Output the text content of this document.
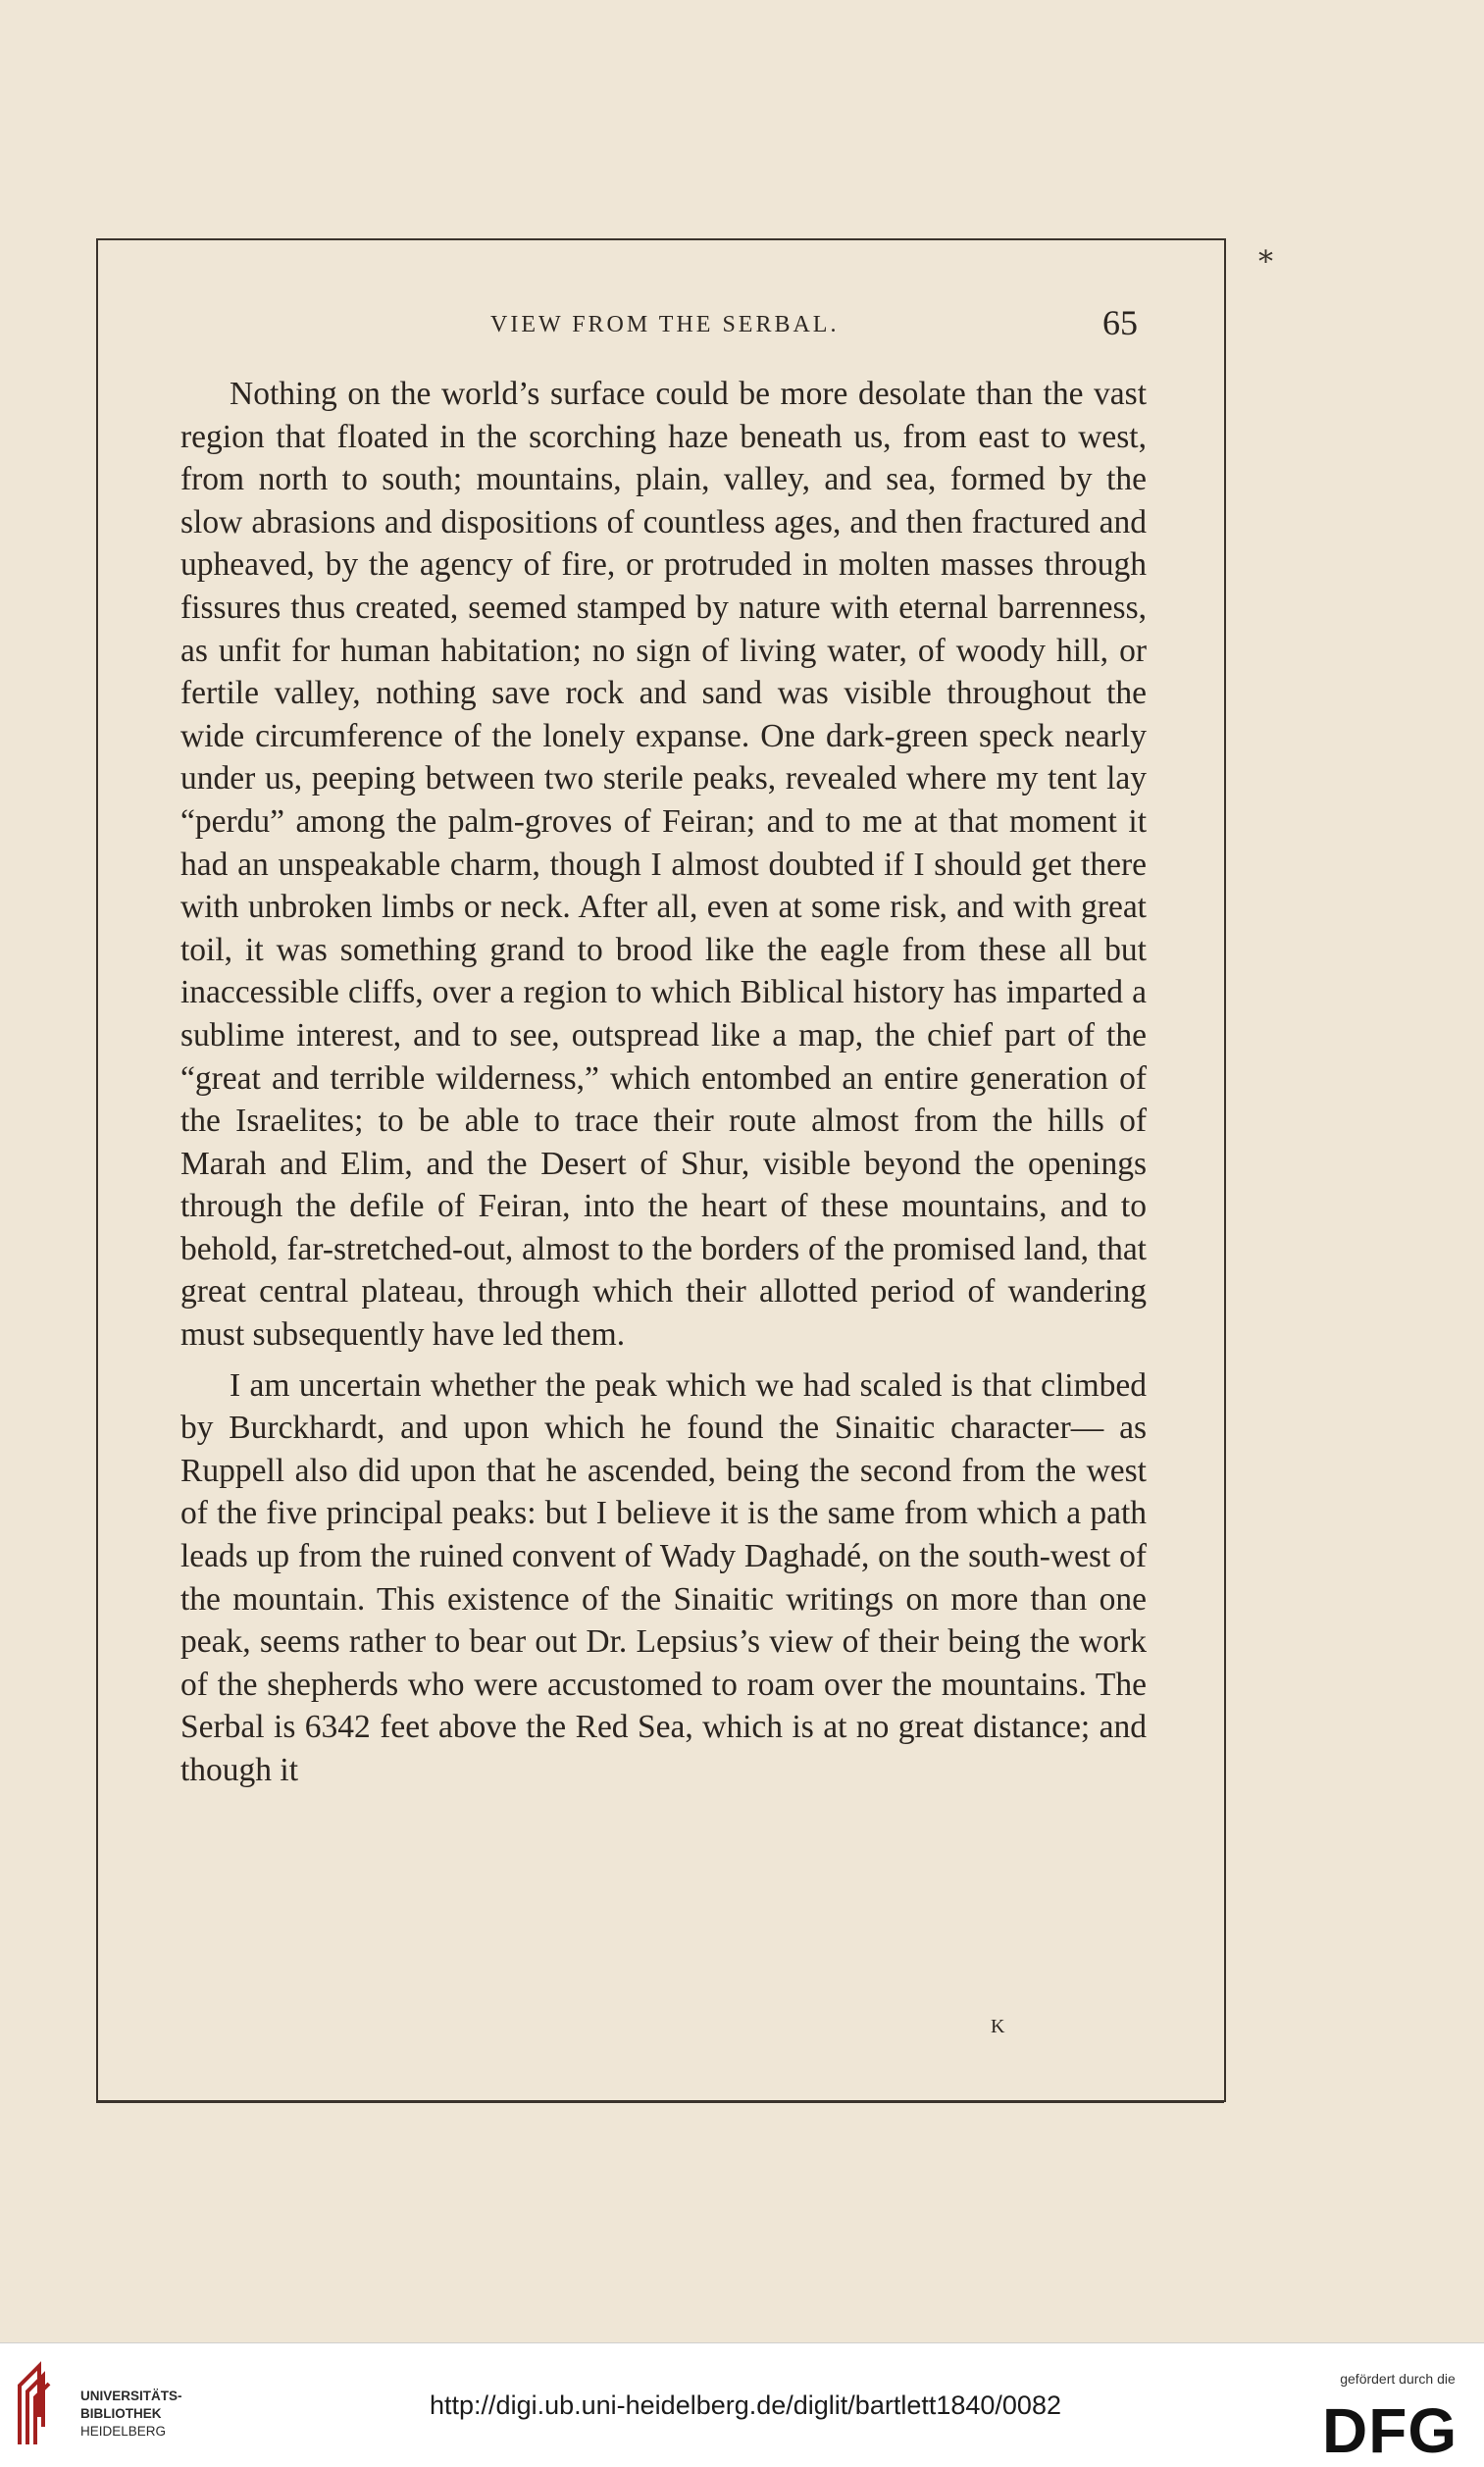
⁎
VIEW FROM THE SERBAL.	65

Nothing on the world’s surface could be more desolate than the vast region that floated in the scorching haze beneath us, from east to west, from north to south; mountains, plain, valley, and sea, formed by the slow abrasions and dispositions of countless ages, and then fractured and upheaved, by the agency of fire, or protruded in molten masses through fissures thus created, seemed stamped by nature with eternal barrenness, as unfit for human habitation; no sign of living water, of woody hill, or fertile valley, nothing save rock and sand was visible throughout the wide circumference of the lonely expanse. One dark-green speck nearly under us, peeping between two sterile peaks, revealed where my tent lay “perdu” among the palm-groves of Feiran; and to me at that moment it had an unspeakable charm, though I almost doubted if I should get there with unbroken limbs or neck. After all, even at some risk, and with great toil, it was something grand to brood like the eagle from these all but inaccessible cliffs, over a region to which Biblical history has imparted a sublime interest, and to see, outspread like a map, the chief part of the “great and terrible wilderness,” which entombed an entire generation of the Israelites; to be able to trace their route almost from the hills of Marah and Elim, and the Desert of Shur, visible beyond the openings through the defile of Feiran, into the heart of these mountains, and to behold, far-stretched-out, almost to the borders of the promised land, that great central plateau, through which their allotted period of wandering must subsequently have led them.

I am uncertain whether the peak which we had scaled is that climbed by Burckhardt, and upon which he found the Sinaitic character— as Ruppell also did upon that he ascended, being the second from the west of the five principal peaks: but I believe it is the same from which a path leads up from the ruined convent of Wady Daghadé, on the south-west of the mountain. This existence of the Sinaitic writings on more than one peak, seems rather to bear out Dr. Lepsius’s view of their being the work of the shepherds who were accustomed to roam over the mountains. The Serbal is 6342 feet above the Red Sea, which is at no great distance; and though it

K
UNIVERSITÄTS-
BIBLIOTHEK
HEIDELBERG
http://digi.ub.uni-heidelberg.de/diglit/bartlett1840/0082
gefördert durch die
DFG
